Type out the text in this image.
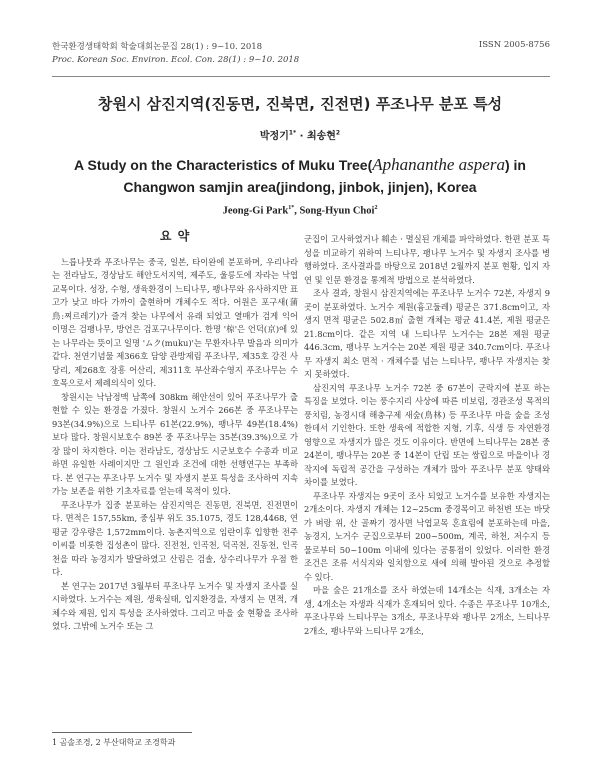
한국환경생태학회 학술대회논문집 28(1) : 9~10. 2018	ISSN 2005-8756
Proc. Korean Soc. Environ. Ecol. Con. 28(1) : 9~10. 2018
창원시 삼진지역(진동면, 진북면, 진전면) 푸조나무 분포 특성
박정기$^{1*}$ · 최송현$^2$
A Study on the Characteristics of Muku Tree(Aphananthe aspera) in Changwon samjin area(jindong, jinbok, jinjen), Korea
Jeong-Gi Park$^{1*}$, Song-Hyun Choi$^2$
요 약

느릅나뭇과 푸조나무는 중국, 일본, 타이완에 분포하며, 우리나라는 전라남도, 경상남도 해안도서지역, 제주도, 울릉도에 자라는 낙엽교목이다. 성장, 수형, 생육환경이 느티나무, 팽나무와 유사하지만 표고가 낮고 바다 가까이 출현하며 개체수도 적다. 어원은 포구새(蒲鳥:찌르레기)가 즐겨 찾는 나무에서 유래 되었고 열매가 검게 익어 이명은 검팽나무, 방언은 검포구나무이다. 한명 '椋'은 언덕(京)에 있는 나무라는 뜻이고 일명 'ムク(muku)'는 무환자나무 발음과 의미가 같다. 천연기념물 제366호 담양 관방제림 푸조나무, 제35호 강진 사당리, 제268호 장흥 어산리, 제311호 부산좌수영지 푸조나무는 수호목으로서 제례의식이 있다.

창원시는 낙남정맥 남쪽에 308km 해안선이 있어 푸조나무가 출현할 수 있는 환경을 가졌다. 창원시 노거수 266본 중 푸조나무는 93본(34.9%)으로 느티나무 61본(22.9%), 팽나무 49본(18.4%)보다 많다. 창원시보호수 89본 중 푸조나무는 35본(39.3%)으로 가장 많이 차지한다. 이는 전라남도, 경상남도 시군보호수 수종과 비교하면 유일한 사례이지만 그 원인과 조건에 대한 선행연구는 부족하다. 본 연구는 푸조나무 노거수 및 자생지 분포 특성을 조사하여 지속가능 보존을 위한 기초자료를 얻는데 목적이 있다.

푸조나무가 집중 분포하는 삼진지역은 진동면, 진북면, 진전면이다. 면적은 157,55km, 중심부 위도 35.1075, 경도 128,4468, 연평균 강우량은 1,572mm이다. 농촌지역으로 임란이후 입향한 전주 이씨를 비롯한 집성촌이 많다. 진전천, 인곡천, 덕곡천, 진동천, 인곡천을 따라 농경지가 발달하였고 산림은 검솔, 상수리나무가 우점 한다.

본 연구는 2017년 3월부터 푸조나무 노거수 및 자생지 조사를 실시하였다. 노거수는 제원, 생육실태, 입지환경을, 자생지 는 면적, 개체수와 제원, 입지 특성을 조사하였다. 그리고 마을 숲 현황을 조사하였다. 그밖에 노거수 또는 그

군집이 고사하였거나 훼손 · 멸실된 개체를 파악하였다. 한편 분포 특성을 비교하기 위하여 느티나무, 팽나무 노거수 및 자생지 조사를 병행하였다. 조사결과를 바탕으로 2018년 2월까지 분포 현황, 입지 자연 및 인문 환경을 통계적 방법으로 분석하였다.

조사 결과, 창원시 삼진지역에는 푸조나무 노거수 72본, 자생지 9곳이 분포하였다. 노거수 제원(흉고둘레) 평균은 371.8cm이고, 자생지 면적 평균은 502.8㎡ 출현 개체는 평균 41.4본, 제원 평균은 21.8cm이다. 같은 지역 내 느티나무 노거수는 28본 제원 평균 446.3cm, 팽나무 노거수는 20본 제원 평균 340.7cm이다. 푸조나무 자생지 최소 면적 · 개체수를 넘는 느티나무, 팽나무 자생지는 찾지 못하였다.

삼진지역 푸조나무 노거수 72본 중 67본이 군락지에 분포 하는 특징을 보였다. 이는 풍수지리 사상에 따른 비보림, 경관조성 목적의 풍치림, 농경시대 해충구제 새숲(鳥林) 등 푸조나무 마을 숲을 조성한데서 기인한다. 또한 생육에 적합한 지형, 기후, 식생 등 자연환경 영향으로 자생지가 많은 것도 이유이다. 반면에 느티나무는 28본 중 24본이, 팽나무는 20본 중 14본이 단립 또는 쌍립으로 마을이나 경작지에 독립적 공간을 구성하는 개체가 많아 푸조나무 분포 양태와 차이를 보였다.

푸조나무 자생지는 9곳이 조사 되었고 노거수를 보유한 자생지는 2개소이다. 자생지 개체는 12~25cm 중경목이고 하천변 또는 바닷가 벼랑 위, 산 골짜기 경사면 낙엽교목 혼효림에 분포하는데 마을, 농경지, 노거수 군집으로부터 200~500m, 계곡, 하천, 저수지 등 물로부터 50~100m 이내에 있다는 공통점이 있었다. 이러한 환경조건은 조류 서식지와 일치함으로 새에 의해 발아된 것으로 추정할 수 있다.

마을 숲은 21개소를 조사 하였는데 14개소는 식재, 3개소는 자생, 4개소는 자생과 식재가 혼재되어 있다. 수종은 푸조나무 10개소, 푸조나무와 느티나무는 3개소, 푸조나무와 팽나무 2개소, 느티나무 2개소, 팽나무와 느티나무 2개소,

1 곰솔조경, 2 부산대학교 조경학과
